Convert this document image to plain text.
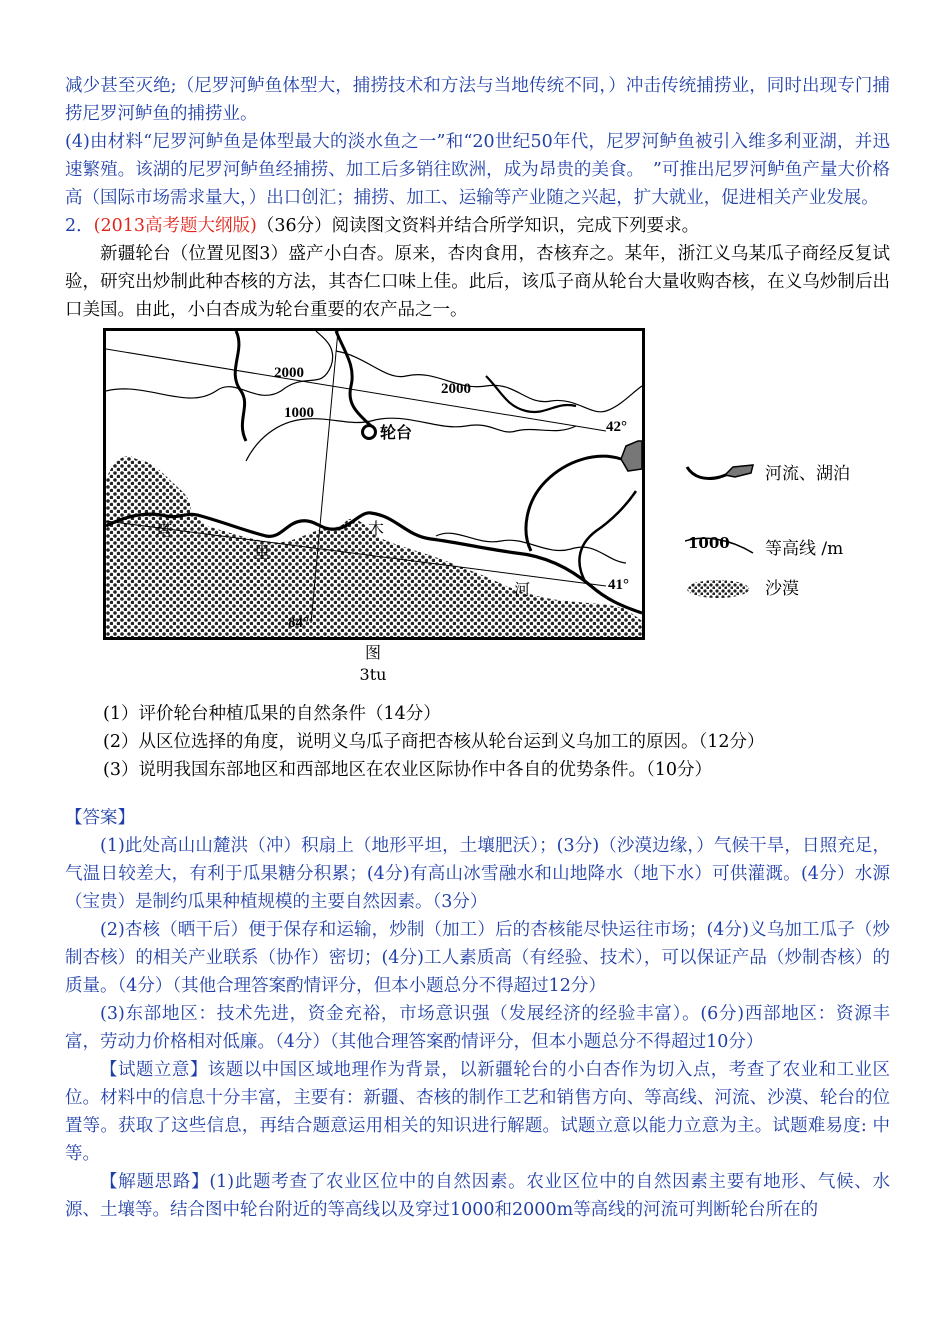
减少甚至灭绝;（尼罗河鲈鱼体型大，捕捞技术和方法与当地传统不同，）冲击传统捕捞业，同时出现专门捕捞尼罗河鲈鱼的捕捞业。

(4)由材料“尼罗河鲈鱼是体型最大的淡水鱼之一”和“20世纪50年代，尼罗河鲈鱼被引入维多利亚湖，并迅速繁殖。该湖的尼罗河鲈鱼经捕捞、加工后多销往欧洲，成为昂贵的美食。　”可推出尼罗河鲈鱼产量大价格高（国际市场需求量大，）出口创汇；捕捞、加工、运输等产业随之兴起，扩大就业，促进相关产业发展。

2．(2013高考题大纲版)（36分）阅读图文资料并结合所学知识，完成下列要求。

新疆轮台（位置见图3）盛产小白杏。原来，杏肉食用，杏核弃之。某年，浙江义乌某瓜子商经反复试验，研究出炒制此种杏核的方法，其杏仁口味上佳。此后，该瓜子商从轮台大量收购杏核，在义乌炒制后出口美国。由此，小白杏成为轮台重要的农产品之一。

2000
2000
1000
轮台	42°
41°
84°
塔
里
木
河
图
3tu
河流、湖泊
1000 等高线 /m
沙漠

(1）评价轮台种植瓜果的自然条件（14分）

(2）从区位选择的角度，说明义乌瓜子商把杏核从轮台运到义乌加工的原因。（12分）

(3）说明我国东部地区和西部地区在农业区际协作中各自的优势条件。（10分）

【答案】

(1)此处高山山麓洪（冲）积扇上（地形平坦，土壤肥沃）；(3分)（沙漠边缘，）气候干旱，日照充足，气温日较差大，有利于瓜果糖分积累；(4分)有高山冰雪融水和山地降水（地下水）可供灌溉。(4分）水源（宝贵）是制约瓜果种植规模的主要自然因素。（3分）

(2)杏核（晒干后）便于保存和运输，炒制（加工）后的杏核能尽快运往市场；(4分)义乌加工瓜子（炒制杏核）的相关产业联系（协作）密切；(4分)工人素质高（有经验、技术），可以保证产品（炒制杏核）的质量。（4分）（其他合理答案酌情评分，但本小题总分不得超过12分）

(3)东部地区：技术先进，资金充裕，市场意识强（发展经济的经验丰富）。(6分)西部地区：资源丰富，劳动力价格相对低廉。（4分）（其他合理答案酌情评分，但本小题总分不得超过10分）

【试题立意】该题以中国区域地理作为背景，以新疆轮台的小白杏作为切入点，考查了农业和工业区位。材料中的信息十分丰富，主要有：新疆、杏核的制作工艺和销售方向、等高线、河流、沙漠、轮台的位置等。获取了这些信息，再结合题意运用相关的知识进行解题。试题立意以能力立意为主。试题难易度: 中等。

【解题思路】(1)此题考查了农业区位中的自然因素。农业区位中的自然因素主要有地形、气候、水源、土壤等。结合图中轮台附近的等高线以及穿过1000和2000m等高线的河流可判断轮台所在的
